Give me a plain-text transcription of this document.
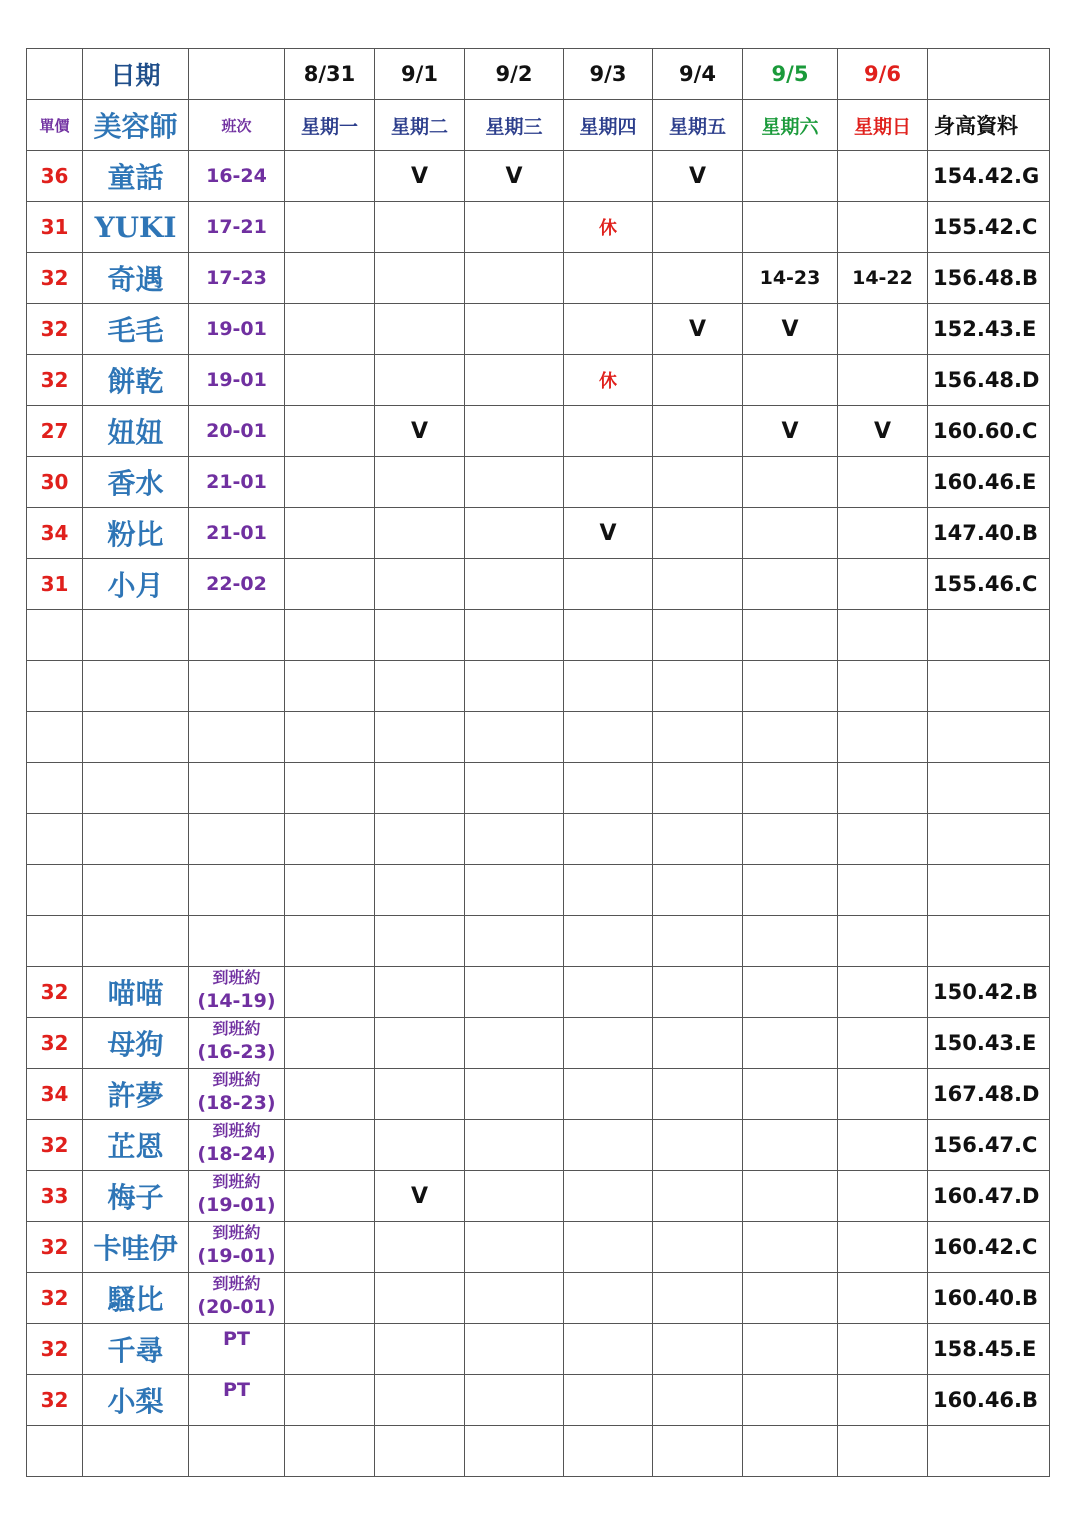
	日期		8/31	9/1	9/2	9/3	9/4	9/5	9/6	
單價	美容師	班次	星期一	星期二	星期三	星期四	星期五	星期六	星期日	身高資料
36	童話	16-24		V	V		V			154.42.G
31	YUKI	17-21				休				155.42.C
32	奇遇	17-23						14-23	14-22	156.48.B
32	毛毛	19-01					V	V		152.43.E
32	餅乾	19-01				休				156.48.D
27	妞妞	20-01		V				V	V	160.60.C
30	香水	21-01								160.46.E
34	粉比	21-01				V				147.40.B
31	小月	22-02								155.46.C

32	喵喵	到班約
(14-19)								150.42.B
32	母狗	到班約
(16-23)								150.43.E
34	許夢	到班約
(18-23)								167.48.D
32	芷恩	到班約
(18-24)								156.47.C
33	梅子	到班約
(19-01)		V						160.47.D
32	卡哇伊	到班約
(19-01)								160.42.C
32	騷比	到班約
(20-01)								160.40.B
32	千尋	PT								158.45.E
32	小梨	PT								160.46.B
